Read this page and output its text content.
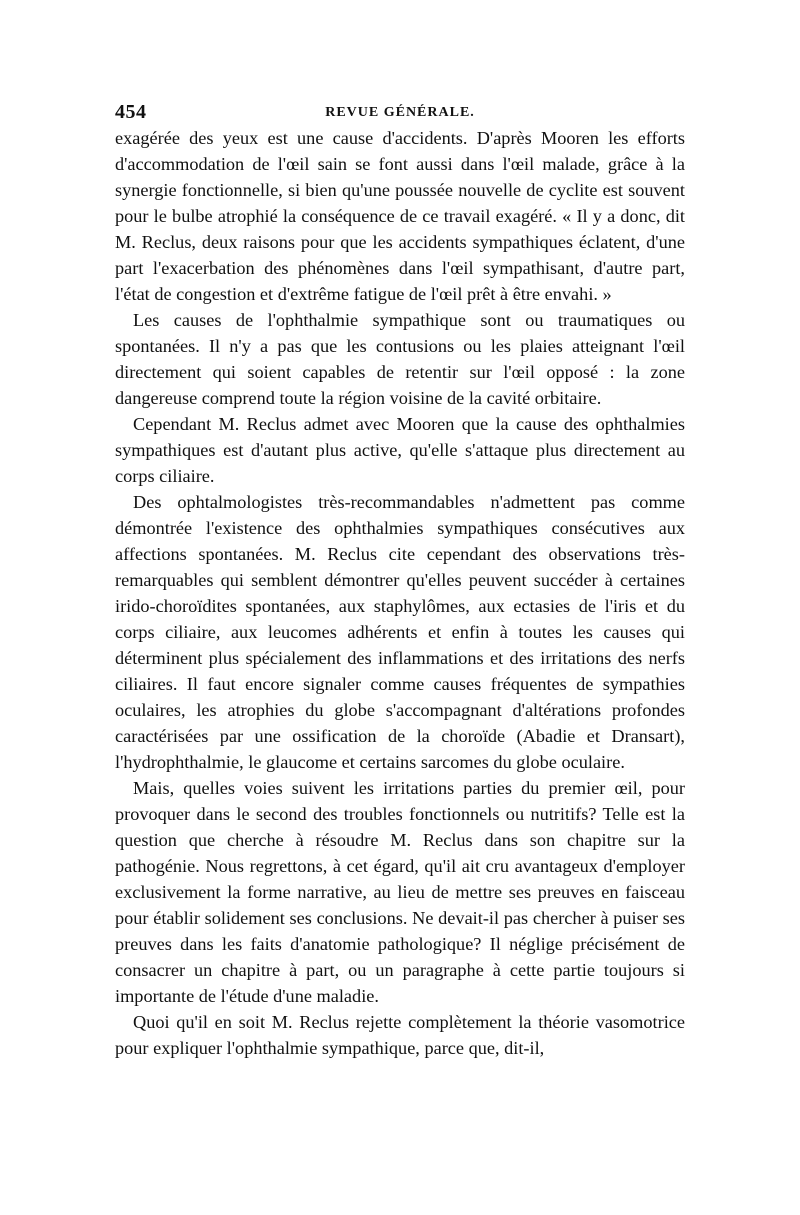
454	REVUE GÉNÉRALE.

exagérée des yeux est une cause d'accidents. D'après Mooren les efforts d'accommodation de l'œil sain se font aussi dans l'œil malade, grâce à la synergie fonctionnelle, si bien qu'une poussée nouvelle de cyclite est souvent pour le bulbe atrophié la conséquence de ce travail exagéré. « Il y a donc, dit M. Reclus, deux raisons pour que les accidents sympathiques éclatent, d'une part l'exacerbation des phénomènes dans l'œil sympathisant, d'autre part, l'état de congestion et d'extrême fatigue de l'œil prêt à être envahi. »

Les causes de l'ophthalmie sympathique sont ou traumatiques ou spontanées. Il n'y a pas que les contusions ou les plaies atteignant l'œil directement qui soient capables de retentir sur l'œil opposé : la zone dangereuse comprend toute la région voisine de la cavité orbitaire.

Cependant M. Reclus admet avec Mooren que la cause des ophthalmies sympathiques est d'autant plus active, qu'elle s'attaque plus directement au corps ciliaire.

Des ophtalmologistes très-recommandables n'admettent pas comme démontrée l'existence des ophthalmies sympathiques consécutives aux affections spontanées. M. Reclus cite cependant des observations très-remarquables qui semblent démontrer qu'elles peuvent succéder à certaines irido-choroïdites spontanées, aux staphylômes, aux ectasies de l'iris et du corps ciliaire, aux leucomes adhérents et enfin à toutes les causes qui déterminent plus spécialement des inflammations et des irritations des nerfs ciliaires. Il faut encore signaler comme causes fréquentes de sympathies oculaires, les atrophies du globe s'accompagnant d'altérations profondes caractérisées par une ossification de la choroïde (Abadie et Dransart), l'hydrophthalmie, le glaucome et certains sarcomes du globe oculaire.

Mais, quelles voies suivent les irritations parties du premier œil, pour provoquer dans le second des troubles fonctionnels ou nutritifs? Telle est la question que cherche à résoudre M. Reclus dans son chapitre sur la pathogénie. Nous regrettons, à cet égard, qu'il ait cru avantageux d'employer exclusivement la forme narrative, au lieu de mettre ses preuves en faisceau pour établir solidement ses conclusions. Ne devait-il pas chercher à puiser ses preuves dans les faits d'anatomie pathologique? Il néglige précisément de consacrer un chapitre à part, ou un paragraphe à cette partie toujours si importante de l'étude d'une maladie.

Quoi qu'il en soit M. Reclus rejette complètement la théorie vasomotrice pour expliquer l'ophthalmie sympathique, parce que, dit-il,
